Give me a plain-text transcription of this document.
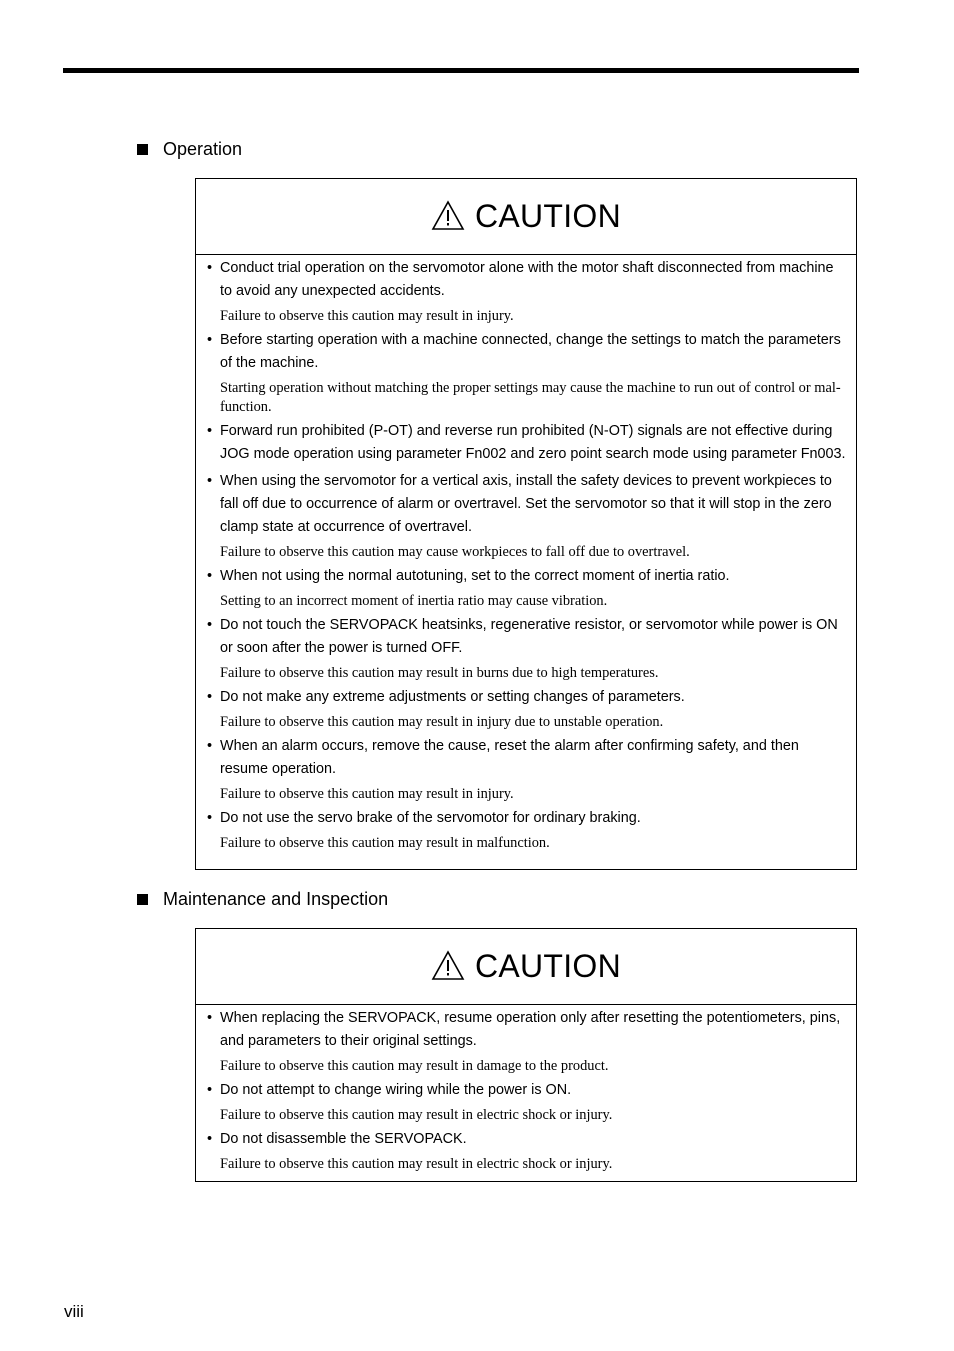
Operation
CAUTION
• Conduct trial operation on the servomotor alone with the motor shaft disconnected from machine to avoid any unexpected accidents.
Failure to observe this caution may result in injury.
• Before starting operation with a machine connected, change the settings to match the parameters of the machine.
Starting operation without matching the proper settings may cause the machine to run out of control or mal-function.
• Forward run prohibited (P-OT) and reverse run prohibited (N-OT) signals are not effective during JOG mode operation using parameter Fn002 and zero point search mode using parameter Fn003.
• When using the servomotor for a vertical axis, install the safety devices to prevent workpieces to fall off due to occurrence of alarm or overtravel. Set the servomotor so that it will stop in the zero clamp state at occurrence of overtravel.
Failure to observe this caution may cause workpieces to fall off due to overtravel.
• When not using the normal autotuning, set to the correct moment of inertia ratio.
Setting to an incorrect moment of inertia ratio may cause vibration.
• Do not touch the SERVOPACK heatsinks, regenerative resistor, or servomotor while power is ON or soon after the power is turned OFF.
Failure to observe this caution may result in burns due to high temperatures.
• Do not make any extreme adjustments or setting changes of parameters.
Failure to observe this caution may result in injury due to unstable operation.
• When an alarm occurs, remove the cause, reset the alarm after confirming safety, and then resume operation.
Failure to observe this caution may result in injury.
• Do not use the servo brake of the servomotor for ordinary braking.
Failure to observe this caution may result in malfunction.
Maintenance and Inspection
CAUTION
• When replacing the SERVOPACK, resume operation only after resetting the potentiometers, pins, and parameters to their original settings.
Failure to observe this caution may result in damage to the product.
• Do not attempt to change wiring while the power is ON.
Failure to observe this caution may result in electric shock or injury.
• Do not disassemble the SERVOPACK.
Failure to observe this caution may result in electric shock or injury.
viii
